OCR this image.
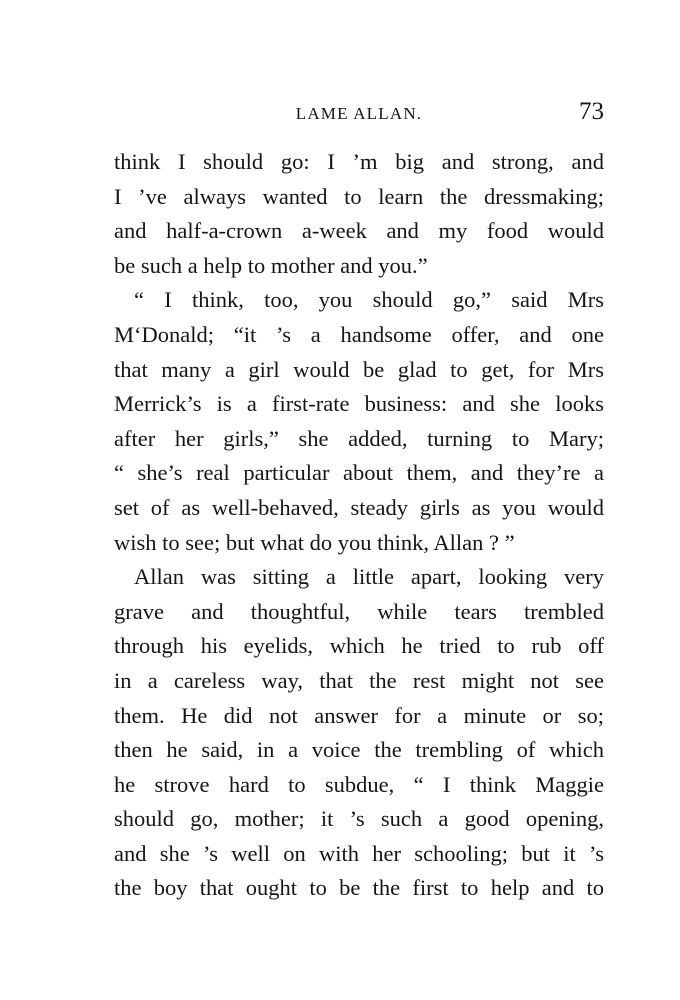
LAME ALLAN.	73
think I should go: I ’m big and strong, and
I ’ve always wanted to learn the dressmaking;
and half-a-crown a-week and my food would
be such a help to mother and you.”
“ I think, too, you should go,” said Mrs
M‘Donald; “it ’s a handsome offer, and one
that many a girl would be glad to get, for Mrs
Merrick’s is a first-rate business: and she looks
after her girls,” she added, turning to Mary;
“ she’s real particular about them, and they’re a
set of as well-behaved, steady girls as you would
wish to see; but what do you think, Allan ? ”
Allan was sitting a little apart, looking very
grave and thoughtful, while tears trembled
through his eyelids, which he tried to rub off
in a careless way, that the rest might not see
them. He did not answer for a minute or so;
then he said, in a voice the trembling of which
he strove hard to subdue, “ I think Maggie
should go, mother; it ’s such a good opening,
and she ’s well on with her schooling; but it ’s
the boy that ought to be the first to help and to
